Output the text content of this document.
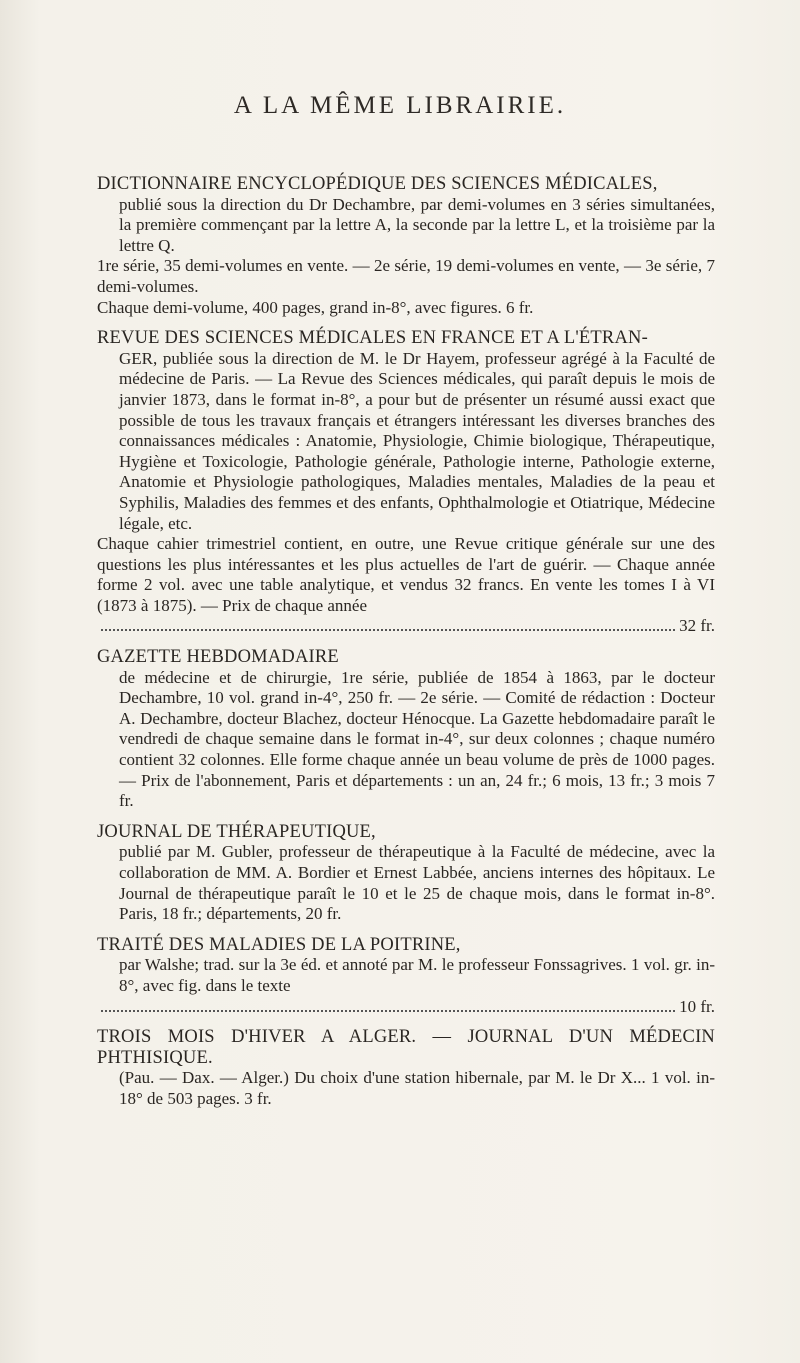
A LA MÊME LIBRAIRIE.
DICTIONNAIRE ENCYCLOPÉDIQUE DES SCIENCES MÉDICALES,

publié sous la direction du Dr Dechambre, par demi-volumes en 3 séries simultanées, la première commençant par la lettre A, la seconde par la lettre L, et la troisième par la lettre Q.

1re série, 35 demi-volumes en vente. — 2e série, 19 demi-volumes en vente, — 3e série, 7 demi-volumes.

Chaque demi-volume, 400 pages, grand in-8°, avec figures. 6 fr.

REVUE DES SCIENCES MÉDICALES EN FRANCE ET A L'ÉTRAN-

GER, publiée sous la direction de M. le Dr Hayem, professeur agrégé à la Faculté de médecine de Paris. — La Revue des Sciences médicales, qui paraît depuis le mois de janvier 1873, dans le format in-8°, a pour but de présenter un résumé aussi exact que possible de tous les travaux français et étrangers intéressant les diverses branches des connaissances médicales : Anatomie, Physiologie, Chimie biologique, Thérapeutique, Hygiène et Toxicologie, Pathologie générale, Pathologie interne, Pathologie externe, Anatomie et Physiologie pathologiques, Maladies mentales, Maladies de la peau et Syphilis, Maladies des femmes et des enfants, Ophthalmologie et Otiatrique, Médecine légale, etc.

Chaque cahier trimestriel contient, en outre, une Revue critique générale sur une des questions les plus intéressantes et les plus actuelles de l'art de guérir. — Chaque année forme 2 vol. avec une table analytique, et vendus 32 francs. En vente les tomes I à VI (1873 à 1875). — Prix de chaque année
32 fr.
GAZETTE HEBDOMADAIRE

de médecine et de chirurgie, 1re série, publiée de 1854 à 1863, par le docteur Dechambre, 10 vol. grand in-4°, 250 fr. — 2e série. — Comité de rédaction : Docteur A. Dechambre, docteur Blachez, docteur Hénocque. La Gazette hebdomadaire paraît le vendredi de chaque semaine dans le format in-4°, sur deux colonnes ; chaque numéro contient 32 colonnes. Elle forme chaque année un beau volume de près de 1000 pages. — Prix de l'abonnement, Paris et départements : un an, 24 fr.; 6 mois, 13 fr.; 3 mois 7 fr.

JOURNAL DE THÉRAPEUTIQUE,

publié par M. Gubler, professeur de thérapeutique à la Faculté de médecine, avec la collaboration de MM. A. Bordier et Ernest Labbée, anciens internes des hôpitaux. Le Journal de thérapeutique paraît le 10 et le 25 de chaque mois, dans le format in-8°. Paris, 18 fr.; départements, 20 fr.

TRAITÉ DES MALADIES DE LA POITRINE,

par Walshe; trad. sur la 3e éd. et annoté par M. le professeur Fonssagrives. 1 vol. gr. in-8°, avec fig. dans le texte

10 fr.
TROIS MOIS D'HIVER A ALGER. — JOURNAL D'UN MÉDECIN PHTHISIQUE.

(Pau. — Dax. — Alger.) Du choix d'une station hibernale, par M. le Dr X... 1 vol. in-18° de 503 pages. 3 fr.
